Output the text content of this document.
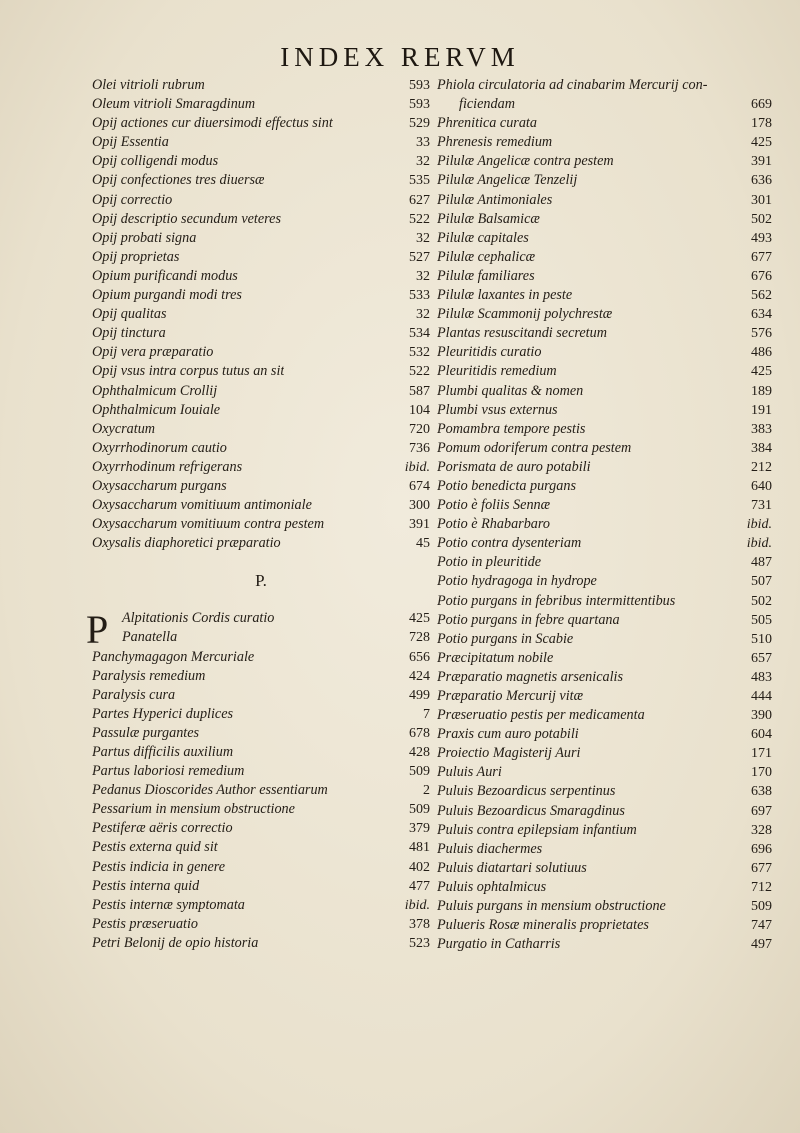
INDEX RERVM
Olei vitrioli rubrum	593
Oleum vitrioli Smaragdinum	593
Opij actiones cur diuersimodi effectus sint	529
Opij Essentia	33
Opij colligendi modus	32
Opij confectiones tres diuersæ	535
Opij correctio	627
Opij descriptio secundum veteres	522
Opij probati signa	32
Opij proprietas	527
Opium purificandi modus	32
Opium purgandi modi tres	533
Opij qualitas	32
Opij tinctura	534
Opij vera præparatio	532
Opij vsus intra corpus tutus an sit	522
Ophthalmicum Crollij	587
Ophthalmicum Iouiale	104
Oxycratum	720
Oxyrrhodinorum cautio	736
Oxyrrhodinum refrigerans	ibid.
Oxysaccharum purgans	674
Oxysaccharum vomitiuum antimoniale	300
Oxysaccharum vomitiuum contra pestem	391
Oxysalis diaphoretici præparatio	45
P.
P Alpitationis Cordis curatio	425
Panatella	728
Panchymagagon Mercuriale	656
Paralysis remedium	424
Paralysis cura	499
Partes Hyperici duplices	7
Passulæ purgantes	678
Partus difficilis auxilium	428
Partus laboriosi remedium	509
Pedanus Dioscorides Author essentiarum	2
Pessarium in mensium obstructione	509
Pestiferæ aëris correctio	379
Pestis externa quid sit	481
Pestis indicia in genere	402
Pestis interna quid	477
Pestis internæ symptomata	ibid.
Pestis præseruatio	378
Petri Belonij de opio historia	523
Phiola circulatoria ad cinabarim Mercurij con-
ficiendam	669
Phrenitica curata	178
Phrenesis remedium	425
Pilulæ Angelicæ contra pestem	391
Pilulæ Angelicæ Tenzelij	636
Pilulæ Antimoniales	301
Pilulæ Balsamicæ	502
Pilulæ capitales	493
Pilulæ cephalicæ	677
Pilulæ familiares	676
Pilulæ laxantes in peste	562
Pilulæ Scammonij polychrestæ	634
Plantas resuscitandi secretum	576
Pleuritidis curatio	486
Pleuritidis remedium	425
Plumbi qualitas & nomen	189
Plumbi vsus externus	191
Pomambra tempore pestis	383
Pomum odoriferum contra pestem	384
Porismata de auro potabili	212
Potio benedicta purgans	640
Potio è foliis Sennæ	731
Potio è Rhabarbaro	ibid.
Potio contra dysenteriam	ibid.
Potio in pleuritide	487
Potio hydragoga in hydrope	507
Potio purgans in febribus intermittentibus	502
Potio purgans in febre quartana	505
Potio purgans in Scabie	510
Præcipitatum nobile	657
Præparatio magnetis arsenicalis	483
Præparatio Mercurij vitæ	444
Præseruatio pestis per medicamenta	390
Praxis cum auro potabili	604
Proiectio Magisterij Auri	171
Puluis Auri	170
Puluis Bezoardicus serpentinus	638
Puluis Bezoardicus Smaragdinus	697
Puluis contra epilepsiam infantium	328
Puluis diachermes	696
Puluis diatartari solutiuus	677
Puluis ophtalmicus	712
Puluis purgans in mensium obstructione	509
Pulueris Rosæ mineralis proprietates	747
Purgatio in Catharris	497
